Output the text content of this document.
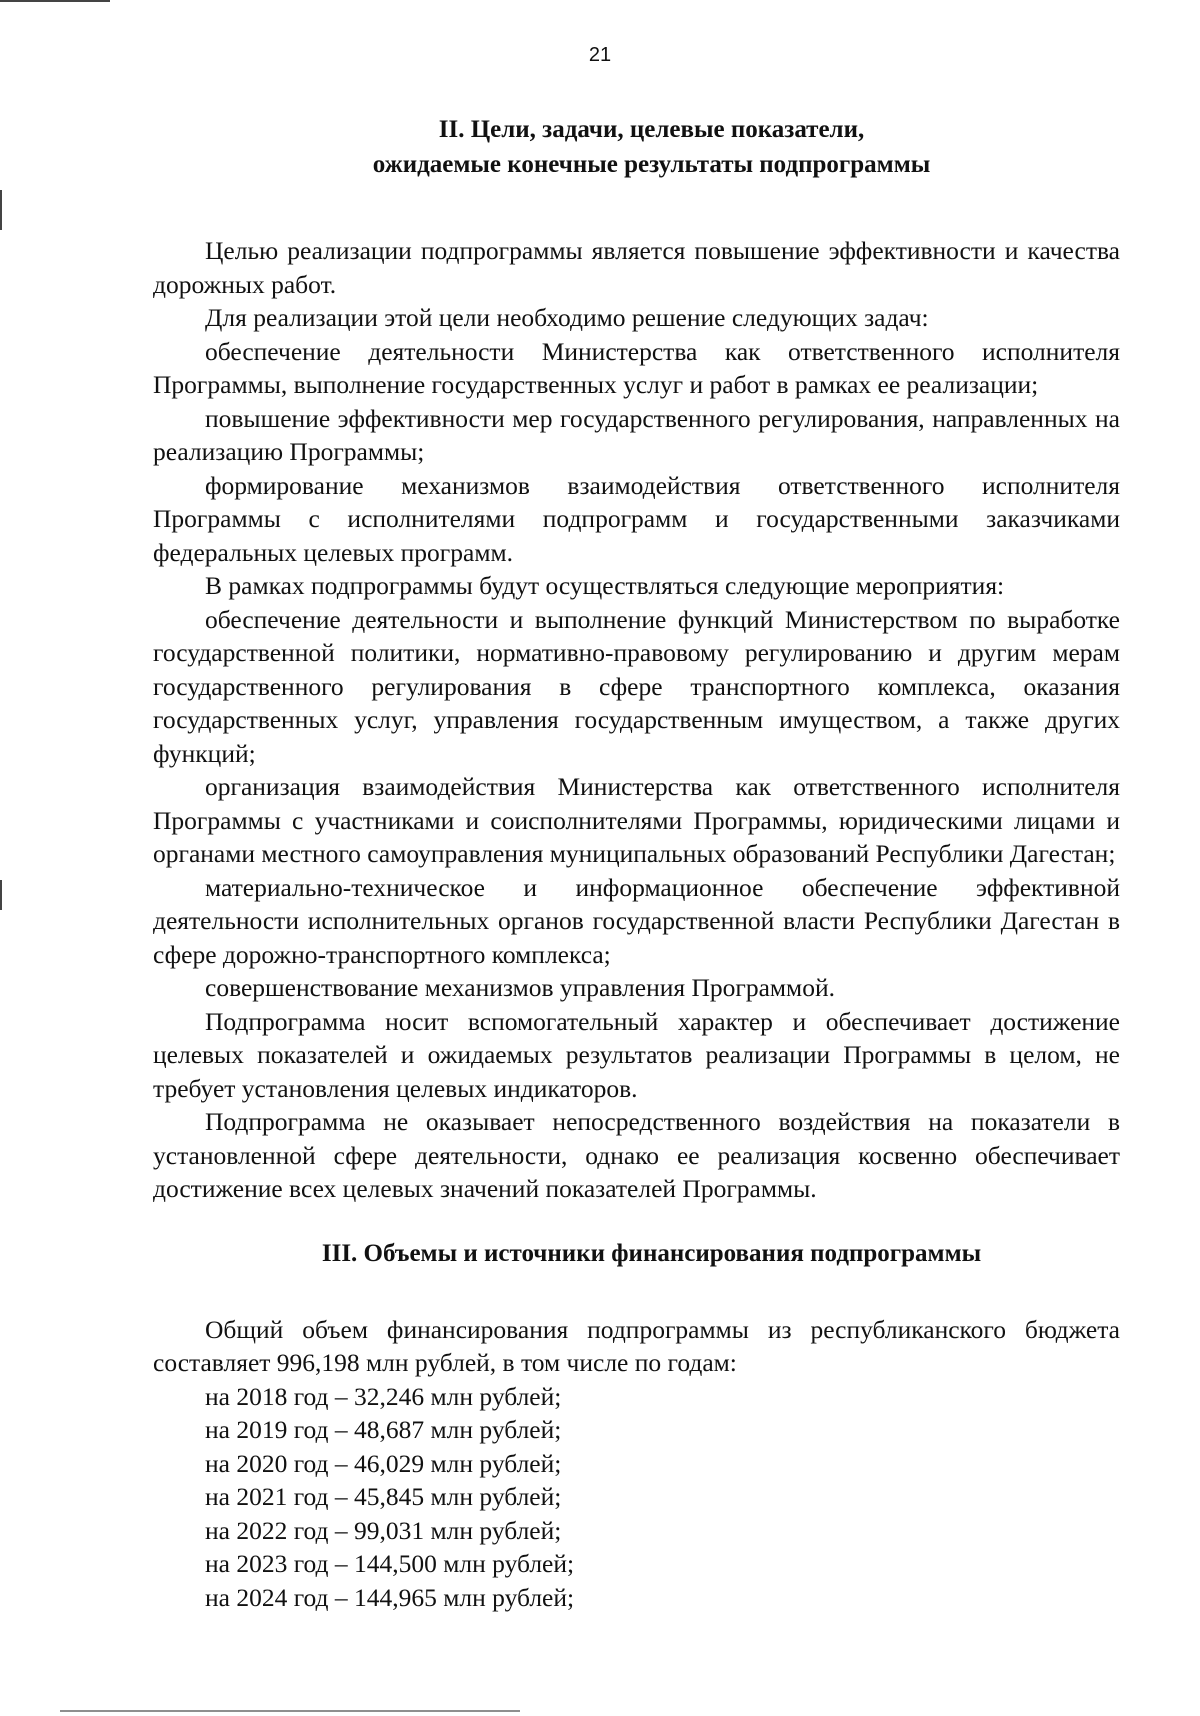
21

II. Цели, задачи, целевые показатели,

ожидаемые конечные результаты подпрограммы

Целью реализации подпрограммы является повышение эффективности и качества дорожных работ.

Для реализации этой цели необходимо решение следующих задач:

обеспечение деятельности Министерства как ответственного исполнителя Программы, выполнение государственных услуг и работ в рамках ее реализации;

повышение эффективности мер государственного регулирования, направленных на реализацию Программы;

формирование механизмов взаимодействия ответственного исполнителя Программы с исполнителями подпрограмм и государственными заказчиками федеральных целевых программ.

В рамках подпрограммы будут осуществляться следующие мероприятия:

обеспечение деятельности и выполнение функций Министерством по выработке государственной политики, нормативно-правовому регулированию и другим мерам государственного регулирования в сфере транспортного комплекса, оказания государственных услуг, управления государственным имуществом, а также других функций;

организация взаимодействия Министерства как ответственного исполнителя Программы с участниками и соисполнителями Программы, юридическими лицами и органами местного самоуправления муниципальных образований Республики Дагестан;

материально-техническое и информационное обеспечение эффективной деятельности исполнительных органов государственной власти Республики Дагестан в сфере дорожно-транспортного комплекса;

совершенствование механизмов управления Программой.

Подпрограмма носит вспомогательный характер и обеспечивает достижение целевых показателей и ожидаемых результатов реализации Программы в целом, не требует установления целевых индикаторов.

Подпрограмма не оказывает непосредственного воздействия на показатели в установленной сфере деятельности, однако ее реализация косвенно обеспечивает достижение всех целевых значений показателей Программы.

III. Объемы и источники финансирования подпрограммы

Общий объем финансирования подпрограммы из республиканского бюджета составляет 996,198 млн рублей, в том числе по годам:

на 2018 год – 32,246 млн рублей;

на 2019 год – 48,687 млн рублей;

на 2020 год – 46,029 млн рублей;

на 2021 год – 45,845 млн рублей;

на 2022 год – 99,031 млн рублей;

на 2023 год – 144,500 млн рублей;

на 2024 год – 144,965 млн рублей;
